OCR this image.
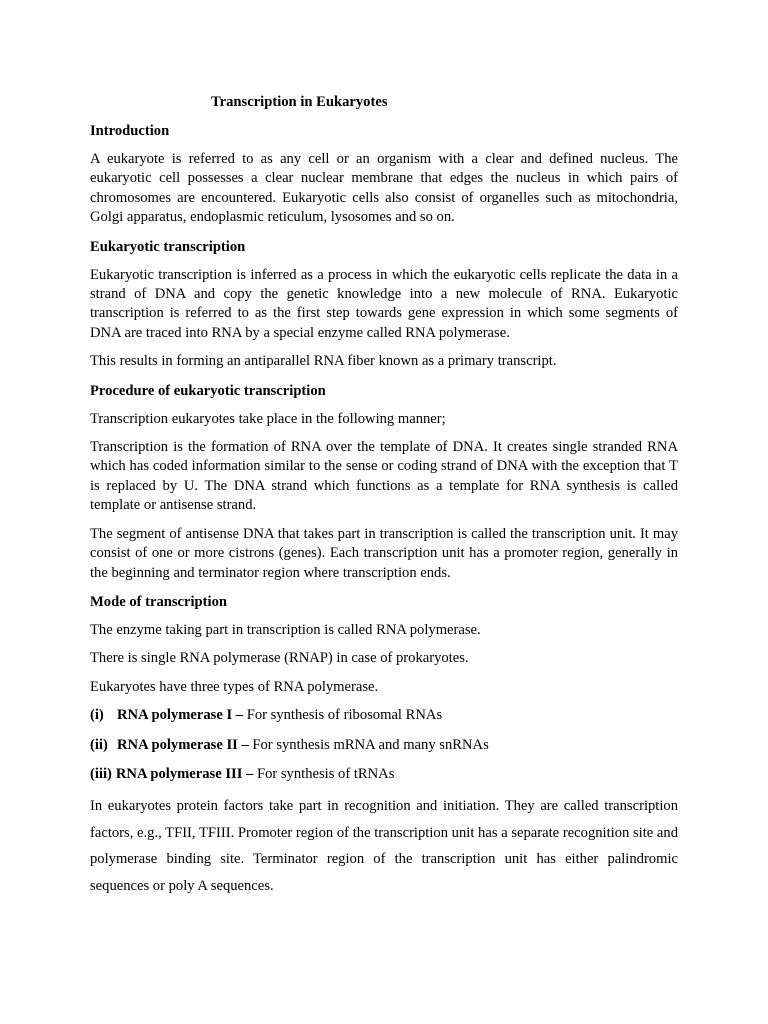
Transcription in Eukaryotes
Introduction

A eukaryote is referred to as any cell or an organism with a clear and defined nucleus. The eukaryotic cell possesses a clear nuclear membrane that edges the nucleus in which pairs of chromosomes are encountered. Eukaryotic cells also consist of organelles such as mitochondria, Golgi apparatus, endoplasmic reticulum, lysosomes and so on.

Eukaryotic transcription

Eukaryotic transcription is inferred as a process in which the eukaryotic cells replicate the data in a strand of DNA and copy the genetic knowledge into a new molecule of RNA. Eukaryotic transcription is referred to as the first step towards gene expression in which some segments of DNA are traced into RNA by a special enzyme called RNA polymerase.

This results in forming an antiparallel RNA fiber known as a primary transcript.

Procedure of eukaryotic transcription

Transcription eukaryotes take place in the following manner;

Transcription is the formation of RNA over the template of DNA. It creates single stranded RNA which has coded information similar to the sense or coding strand of DNA with the exception that T is replaced by U. The DNA strand which functions as a template for RNA synthesis is called template or antisense strand.

The segment of antisense DNA that takes part in transcription is called the transcription unit. It may consist of one or more cistrons (genes). Each transcription unit has a promoter region, generally in the beginning and terminator region where transcription ends.

Mode of transcription

The enzyme taking part in transcription is called RNA polymerase.

There is single RNA polymerase (RNAP) in case of prokaryotes.

Eukaryotes have three types of RNA polymerase.

(i) RNA polymerase I – For synthesis of ribosomal RNAs
(ii) RNA polymerase II – For synthesis mRNA and many snRNAs
(iii) RNA polymerase III – For synthesis of tRNAs

In eukaryotes protein factors take part in recognition and initiation. They are called transcription factors, e.g., TFII, TFIII. Promoter region of the transcription unit has a separate recognition site and polymerase binding site. Terminator region of the transcription unit has either palindromic sequences or poly A sequences.
